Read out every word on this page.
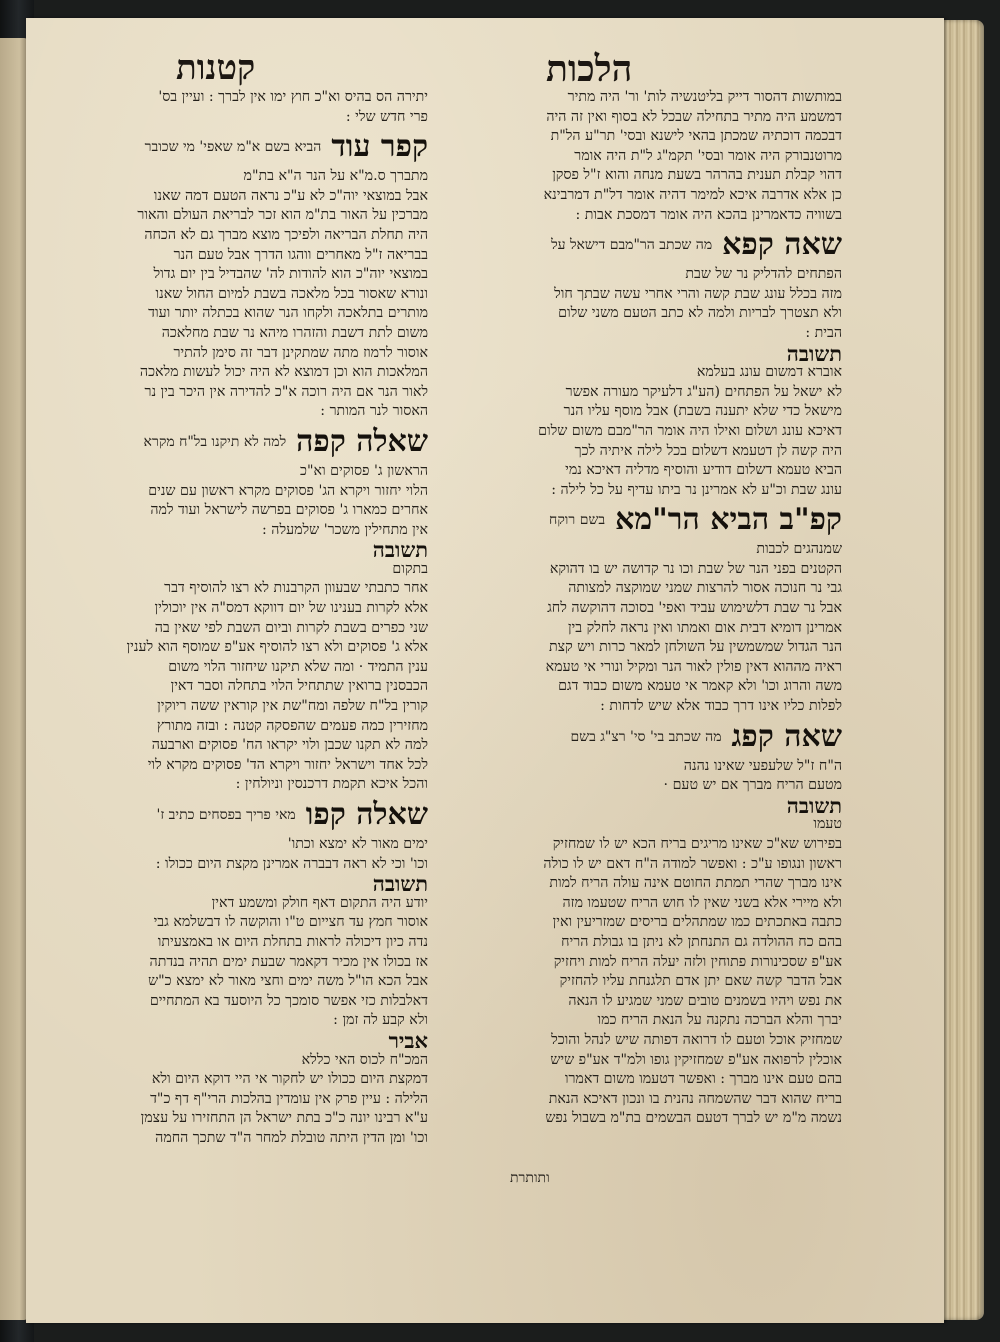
קטנות	הלכות
במותשות דהסור דייק בליטנשיה לות' ור' היה מתיר
דמשמע היה מתיר בתחילה שבכל לא בסוף ואין זה היה
דבכמה דוכתיה שמכתן בהאי לישנא ובסי' תר"ע הל"ת
מרוטנבורק היה אומר ובסי' תקמ"ג ל"ת היה אומר
דהוי קבלת תענית בהרהר בשעת מנחה והוא ז"ל פסקן
כן אלא אדרבה איכא למימר דהיה אומר דל"ת דמרבינא
בשוויה כדאמרינן בהכא היה אומר דמסכת אבות :
שאה קפא
מה שכתב הר"מבם דישאל על
הפתחים להדליק נר של שבת
מזה בכלל עונג שבת קשה והרי אחרי עשה שבתך חול
ולא תצטרך לבריות ולמה לא כתב הטעם משני שלום
הבית :
תשובה
אוברא דמשום עונג בעלמא
לא ישאל על הפתחים (הע"ג דלעיקר מעורה אפשר
מישאל כדי שלא יתענה בשבת) אבל מוסף עליו הנר
דאיכא עונג ושלום ואילו היה אומר הר"מבם משום שלום
היה קשה לן דטעמא דשלום בכל לילה איתיה לכך
הביא טעמא דשלום דודיע והוסיף מדליה דאיכא נמי
עונג שבת וכ"ע לא אמרינן נר ביתו עדיף על כל לילה :
קפ"ב הביא הר"מא
בשם רוקח
שמנהגים לכבות
הקטנים בפני הנר של שבת וכו נר קדושה יש בו דהוקא
גבי נר חנוכה אסור להרצות שמני שמוקצה למצותה
אבל נר שבת דלשימוש עביד ואפי' בסוכה דהוקשה לחג
אמרינן דומיא דבית אום ואמתו ואין נראה לחלק בין
הנר הגדול שמשמשין על השולחן למאר כרות ויש קצת
ראיה מההוא דאין פולין לאור הנר ומקיל ונורי אי טעמא
משה והרוג וכו' ולא קאמר אי טעמא משום כבוד דגם
לפלות כליו אינו דרך כבוד אלא שיש לדחות :
שאה קפג
מה שכתב בי' סי' רצ"ג בשם
ה"ח ז"ל שלעפעי שאינו נהנה
מטעם הריח מברך אם יש טעם ·
תשובה
טעמו
בפירוש שא"כ שאינו מריגים בריח הכא יש לו שמחזיק
ראשון ונגופו ע"כ : ואפשר למודה ה"ח דאם יש לו כולה
אינו מברך שהרי תמתת החוטם אינה עולה הריח למות
ולא מיירי אלא בשני שאין לו חוש הריח שטעמו מזה
כתבה באתכתים כמו שמתהלים בריסים שמזריעין ואין
בהם כח ההולדה גם התנחתן לא ניתן בו גבולת הריח
אע"פ שסכינורות פתוחין ולזה יעלה הריח למות ויחזיק
אבל הדבר קשה שאם יתן אדם תלגנחת עליו להחזיק
את נפש ויהיו בשמנים טובים שמני שמגיע לו הנאה
יברך והלא הברכה נתקנה על הנאת הריח כמו
שמחזיק אוכל וטעם לו דרואה דפותה שיש לנהל והוכל
אוכלין לרפואה אע"פ שמחזיקין גופו ולמ"ד אע"פ שיש
בהם טעם אינו מברך : ואפשר דטעמו משום דאמרו
בריח שהוא דבר שהשמחה נהנית בו ונכון דאיכא הנאת
נשמה מ"מ יש לברך דטעם הבשמים בת"מ בשבול נפש
יתירה הס בהיס וא"כ חוץ ימו אין לברך : ועיין בס'
פרי חדש שלי :
קפר עוד
הביא בשם א"מ שאפי' מי שכובר
מתברך ס.מ"א על הנר ה"א בת"מ
אבל במוצאי יוה"כ לא ע"כ נראה הטעם דמה שאנו
מברכין על האור בת"מ הוא זכר לבריאת העולם והאור
היה תחלת הבריאה ולפיכך מוצא מברך גם לא הכחה
בבריאה ז"ל מאחרים ווהגו הדרך אבל טעם הנר
במוצאי יוה"כ הוא להודות לה' שהבדיל בין יום גדול
ונורא שאסור בכל מלאכה בשבת למיום החול שאנו
מותרים בתלאכה ולקחו הנר שהוא בכתלה יותר ועוד
משום לתת דשבת והזהרו מיהא נר שבת מחלאכה
אוסור לרמוז מתה שמתקינן דבר זה סימן להתיר
המלאכות הוא וכן דמוצא לא היה יכול לעשות מלאכה
לאור הנר אם היה רוכה א"כ להדירה אין היכר בין נר
האסור לנר המותר :
שאלה קפה
למה לא תיקנו בל"ח מקרא
הראשון ג' פסוקים וא"כ
הלוי יחזור ויקרא הג' פסוקים מקרא ראשון עם שנים
אחרים כמארו ג' פסוקים בפרשה לישראל ועוד למה
אין מתחילין משכר' שלמעלה :
תשובה
בתקום
אחר כתבתי שבעוון הקרבנות לא רצו להוסיף דבר
אלא לקרות בענינו של יום דווקא דמס"ה אין יוכולין
שני כפרים בשבת לקרות וביום השבת לפי שאין בה
אלא ג' פסוקים ולא רצו להוסיף אע"פ שמוסף הוא לענין
ענין התמיד · ומה שלא תיקנו שיחזור הלוי משום
הכבסנין ברואין שתתחיל הלוי בתחלה וסבר דאין
קורין בל"ח שלפה ומח"שת אין קוראין ששה ריוקין
מחזירין כמה פעמים שהפסקה קטנה : ובזה מתורץ
למה לא תקנו שכבן ולוי יקראו הח' פסוקים וארבעה
לכל אחד וישראל יחזור ויקרא הד' פסוקים מקרא לוי
והכל איכא תקמת דרכנסין וניולחין :
שאלה קפו
מאי פריך בפסחים כתיב ז'
ימים מאור לא ימצא וכתו'
וכו' וכי לא ראה דבברה אמרינן מקצת היום ככולו :
תשובה
יודע היה התקום דאף חולק ומשמע דאין
אוסור חמץ עד חצייום ט"ו והוקשה לו דבשלמא גבי
נדה כיון דיכולה לראות בתחלת היום או באמצעיתו
אז בכולו אין מכיר דקאמר שבעת ימים תהיה בנדתה
אבל הכא הו"ל משה ימים וחצי מאור לא ימצא כ"ש
דאלבלות כזי אפשר סומכך כל היוסעד בא המתחיים
ולא קבע לה זמן :
אביר
המכ"ח לכוס האי כללא
דמקצת היום ככולו יש לחקור אי היי דוקא היום ולא
הלילה : עיין פרק אין עומדין בהלכות הרי"ף דף כ"ד
ע"א רבינו יונה כ"כ בתת ישראל הן התחזירו על עצמן
וכו' ומן הדין היתה טובלת למחר ה"ד שתכך החמה
ותותרת
